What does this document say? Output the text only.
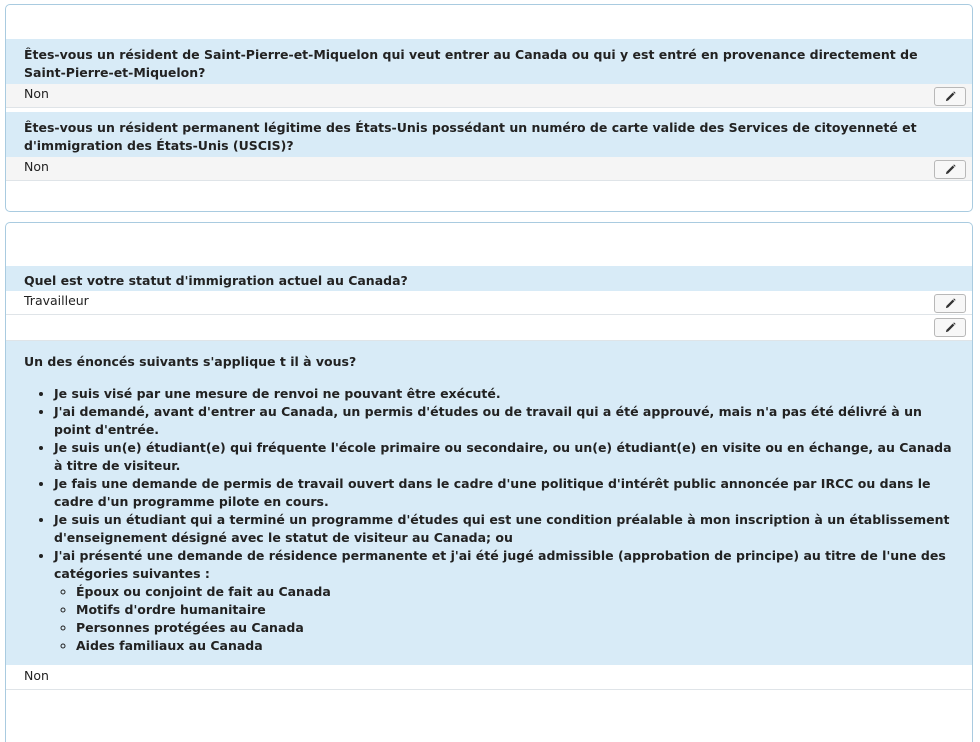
Êtes-vous un résident de Saint-Pierre-et-Miquelon qui veut entrer au Canada ou qui y est entré en provenance directement de Saint-Pierre-et-Miquelon?
Non
Êtes-vous un résident permanent légitime des États-Unis possédant un numéro de carte valide des Services de citoyenneté et d'immigration des États-Unis (USCIS)?
Non
Quel est votre statut d'immigration actuel au Canada?
Travailleur
Un des énoncés suivants s'applique t il à vous?
• Je suis visé par une mesure de renvoi ne pouvant être exécuté.
• J'ai demandé, avant d'entrer au Canada, un permis d'études ou de travail qui a été approuvé, mais n'a pas été délivré à un point d'entrée.
• Je suis un(e) étudiant(e) qui fréquente l'école primaire ou secondaire, ou un(e) étudiant(e) en visite ou en échange, au Canada à titre de visiteur.
• Je fais une demande de permis de travail ouvert dans le cadre d'une politique d'intérêt public annoncée par IRCC ou dans le cadre d'un programme pilote en cours.
• Je suis un étudiant qui a terminé un programme d'études qui est une condition préalable à mon inscription à un établissement d'enseignement désigné avec le statut de visiteur au Canada; ou
• J'ai présenté une demande de résidence permanente et j'ai été jugé admissible (approbation de principe) au titre de l'une des catégories suivantes :
◦ Époux ou conjoint de fait au Canada
◦ Motifs d'ordre humanitaire
◦ Personnes protégées au Canada
◦ Aides familiaux au Canada
Non
